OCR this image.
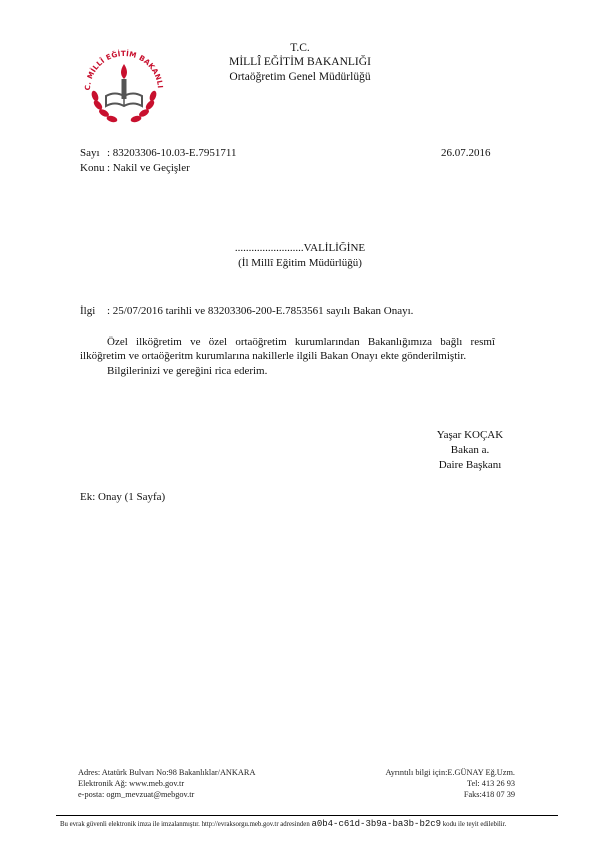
C. MİLLÎ EĞİTİM BAKANLI
T.C.
MİLLÎ EĞİTİM BAKANLIĞI
Ortaöğretim Genel Müdürlüğü
Sayı : 83203306-10.03-E.7951711	26.07.2016
Konu : Nakil ve Geçişler
.........................VALİLİĞİNE
(İl Millî Eğitim Müdürlüğü)
İlgi : 25/07/2016 tarihli ve 83203306-200-E.7853561 sayılı Bakan Onayı.
Özel ilköğretim ve özel ortaöğretim kurumlarından Bakanlığımıza bağlı resmî ilköğretim ve ortaöğeritm kurumlarına nakillerle ilgili Bakan Onayı ekte gönderilmiştir.
Bilgilerinizi ve gereğini rica ederim.
Yaşar KOÇAK
Bakan a.
Daire Başkanı
Ek: Onay (1 Sayfa)
Adres: Atatürk Bulvarı No:98 Bakanlıklar/ANKARA
Elektronik Ağ: www.meb.gov.tr
e-posta: ogm_mevzuat@mebgov.tr
Ayrıntılı bilgi için:E.GÜNAY Eğ.Uzm.
Tel: 413 26 93
Faks:418 07 39
Bu evrak güvenli elektronik imza ile imzalanmıştır. http://evraksorgu.meb.gov.tr adresinden a0b4-c61d-3b9a-ba3b-b2c9 kodu ile teyit edilebilir.
